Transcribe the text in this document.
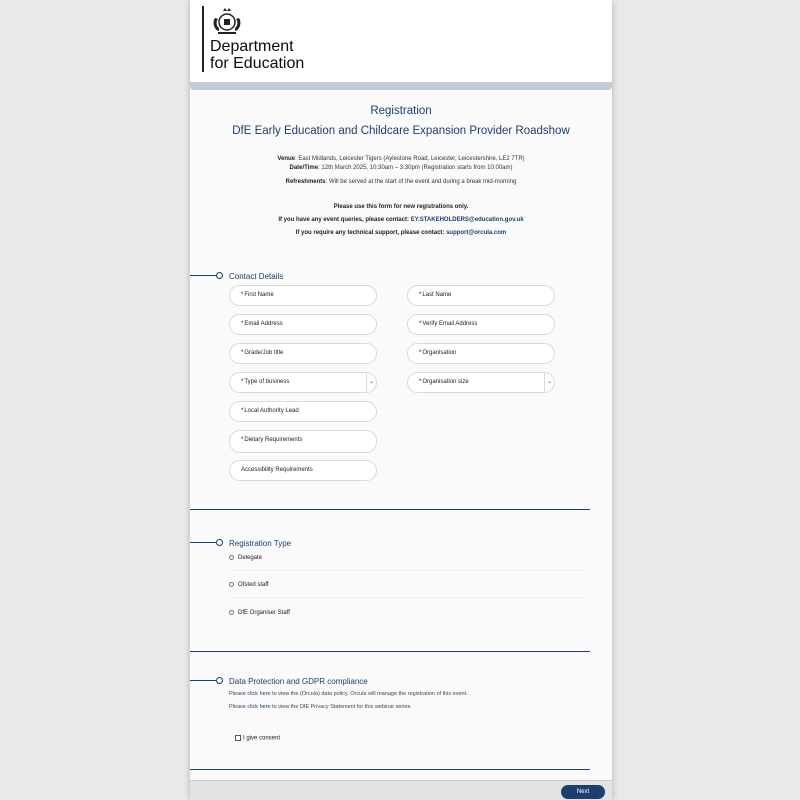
Department
for Education
Registration
DfE Early Education and Childcare Expansion Provider Roadshow
Venue: East Midlands, Leicester Tigers (Aylestone Road, Leicester, Leicestershire, LE2 7TR)
Date/Time: 12th March 2025, 10:30am – 3:30pm (Registration starts from 10:00am)
Refreshments: Will be served at the start of the event and during a break mid-morning
Please use this form for new registrations only.
If you have any event queries, please contact: EY.STAKEHOLDERS@education.gov.uk
If you require any technical support, please contact: support@orcula.com
Contact Details
*First Name	*Last Name
*Email Address	*Verify Email Address
*Grade/Job title	*Organisation
*Type of business	⌄	*Organisation size	⌄
*Local Authority Lead
*Dietary Requirements
Accessibility Requirements
Registration Type
Delegate
Ofsted staff
DfE Organiser Staff
Data Protection and GDPR compliance
Please click here to view the (Orcula) data policy. Orcula will manage the registration of this event.
Please click here to view the DfE Privacy Statement for this webinar series.
I give consent
Next
